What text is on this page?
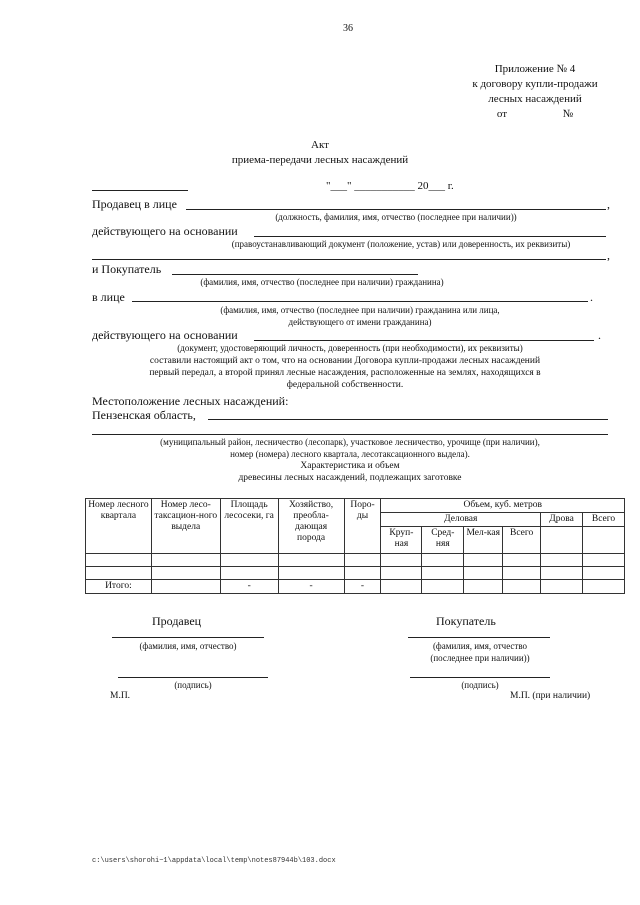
36
Приложение № 4
к договору купли-продажи
лесных насаждений
от	№
Акт
приема-передачи лесных насаждений
"___" ___________ 20___ г.
Продавец в лице	,
(должность, фамилия, имя, отчество (последнее при наличии))
действующего на основании
(правоустанавливающий документ (положение, устав) или доверенность, их реквизиты)
,
и Покупатель
(фамилия, имя, отчество (последнее при наличии) гражданина)
в лице	.
(фамилия, имя, отчество (последнее при наличии) гражданина или лица,
действующего от имени гражданина)
действующего на основании	.
(документ, удостоверяющий личность, доверенность (при необходимости), их реквизиты)
составили настоящий акт о том, что на основании Договора купли-продажи лесных насаждений
первый передал, а второй принял лесные насаждения, расположенные на землях, находящихся в
федеральной собственности.
Местоположение лесных насаждений:
Пензенская область,
(муниципальный район, лесничество (лесопарк), участковое лесничество, урочище (при наличии),
номер (номера) лесного квартала, лесотаксационного выдела).
Характеристика и объем
древесины лесных насаждений, подлежащих заготовке
Номер лесного квартала	Номер лесо-таксацион-ного выдела	Площадь лесосеки, га	Хозяйство, преобла-дающая порода	Поро-ды	Объем, куб. метров					
					Деловая				Дрова	Всего
					Круп-ная	Сред-няя	Мел-кая	Всего		

Итого:		-	-	-						
Продавец	Покупатель
(фамилия, имя, отчество)	(фамилия, имя, отчество
(последнее при наличии))
(подпись)	(подпись)
М.П.	М.П. (при наличии)
c:\users\shorohi~1\appdata\local\temp\notes87944b\103.docx
